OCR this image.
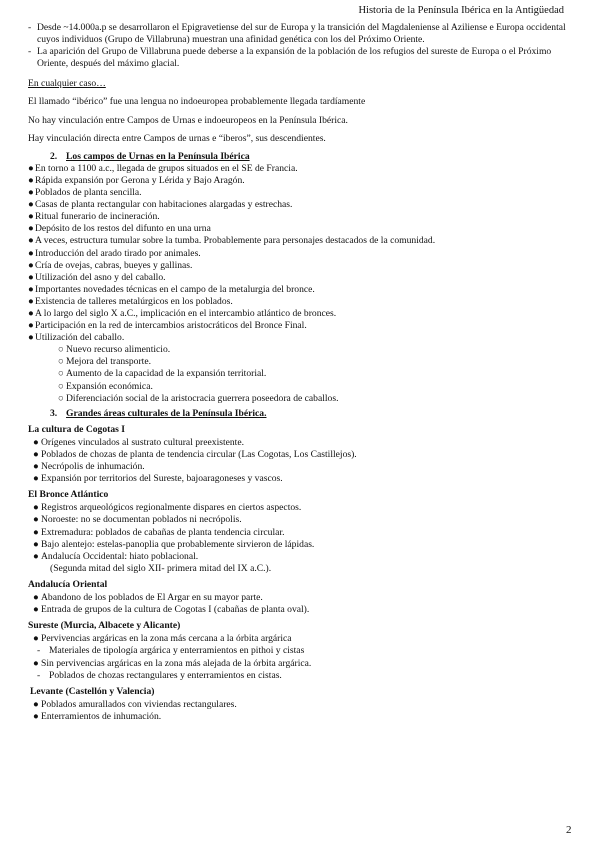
Historia de la Península Ibérica en la Antigüedad
- Desde ~14.000a.p se desarrollaron el Epigravetiense del sur de Europa y la transición del Magdaleniense al Aziliense e Europa occidental cuyos individuos (Grupo de Villabruna) muestran una afinidad genética con los del Próximo Oriente.
- La aparición del Grupo de Villabruna puede deberse a la expansión de la población de los refugios del sureste de Europa o el Próximo Oriente, después del máximo glacial.
En cualquier caso…
El llamado “ibérico” fue una lengua no indoeuropea probablemente llegada tardíamente
No hay vinculación entre Campos de Urnas e indoeuropeos en la Península Ibérica.
Hay vinculación directa entre Campos de urnas e “iberos”, sus descendientes.
2. Los campos de Urnas en la Península Ibérica
● En torno a 1100 a.c., llegada de grupos situados en el SE de Francia.
● Rápida expansión por Gerona y Lérida y Bajo Aragón.
● Poblados de planta sencilla.
● Casas de planta rectangular con habitaciones alargadas y estrechas.
● Ritual funerario de incineración.
● Depósito de los restos del difunto en una urna
● A veces, estructura tumular sobre la tumba. Probablemente para personajes destacados de la comunidad.
● Introducción del arado tirado por animales.
● Cría de ovejas, cabras, bueyes y gallinas.
● Utilización del asno y del caballo.
● Importantes novedades técnicas en el campo de la metalurgia del bronce.
● Existencia de talleres metalúrgicos en los poblados.
● A lo largo del siglo X a.C., implicación en el intercambio atlántico de bronces.
● Participación en la red de intercambios aristocráticos del Bronce Final.
● Utilización del caballo.
○ Nuevo recurso alimenticio.
○ Mejora del transporte.
○ Aumento de la capacidad de la expansión territorial.
○ Expansión económica.
○ Diferenciación social de la aristocracia guerrera poseedora de caballos.
3. Grandes áreas culturales de la Península Ibérica.
La cultura de Cogotas I
● Orígenes vinculados al sustrato cultural preexistente.
● Poblados de chozas de planta de tendencia circular (Las Cogotas, Los Castillejos).
● Necrópolis de inhumación.
● Expansión por territorios del Sureste, bajoaragoneses y vascos.
El Bronce Atlántico
● Registros arqueológicos regionalmente dispares en ciertos aspectos.
● Noroeste: no se documentan poblados ni necrópolis.
● Extremadura: poblados de cabañas de planta tendencia circular.
● Bajo alentejo: estelas-panoplia que probablemente sirvieron de lápidas.
● Andalucía Occidental: hiato poblacional.
(Segunda mitad del siglo XII- primera mitad del IX a.C.).
Andalucía Oriental
● Abandono de los poblados de El Argar en su mayor parte.
● Entrada de grupos de la cultura de Cogotas I (cabañas de planta oval).
Sureste (Murcia, Albacete y Alicante)
● Pervivencias argáricas en la zona más cercana a la órbita argárica
- Materiales de tipología argárica y enterramientos en pithoi y cistas
● Sin pervivencias argáricas en la zona más alejada de la órbita argárica.
- Poblados de chozas rectangulares y enterramientos en cistas.
Levante (Castellón y Valencia)
● Poblados amurallados con viviendas rectangulares.
● Enterramientos de inhumación.
2
